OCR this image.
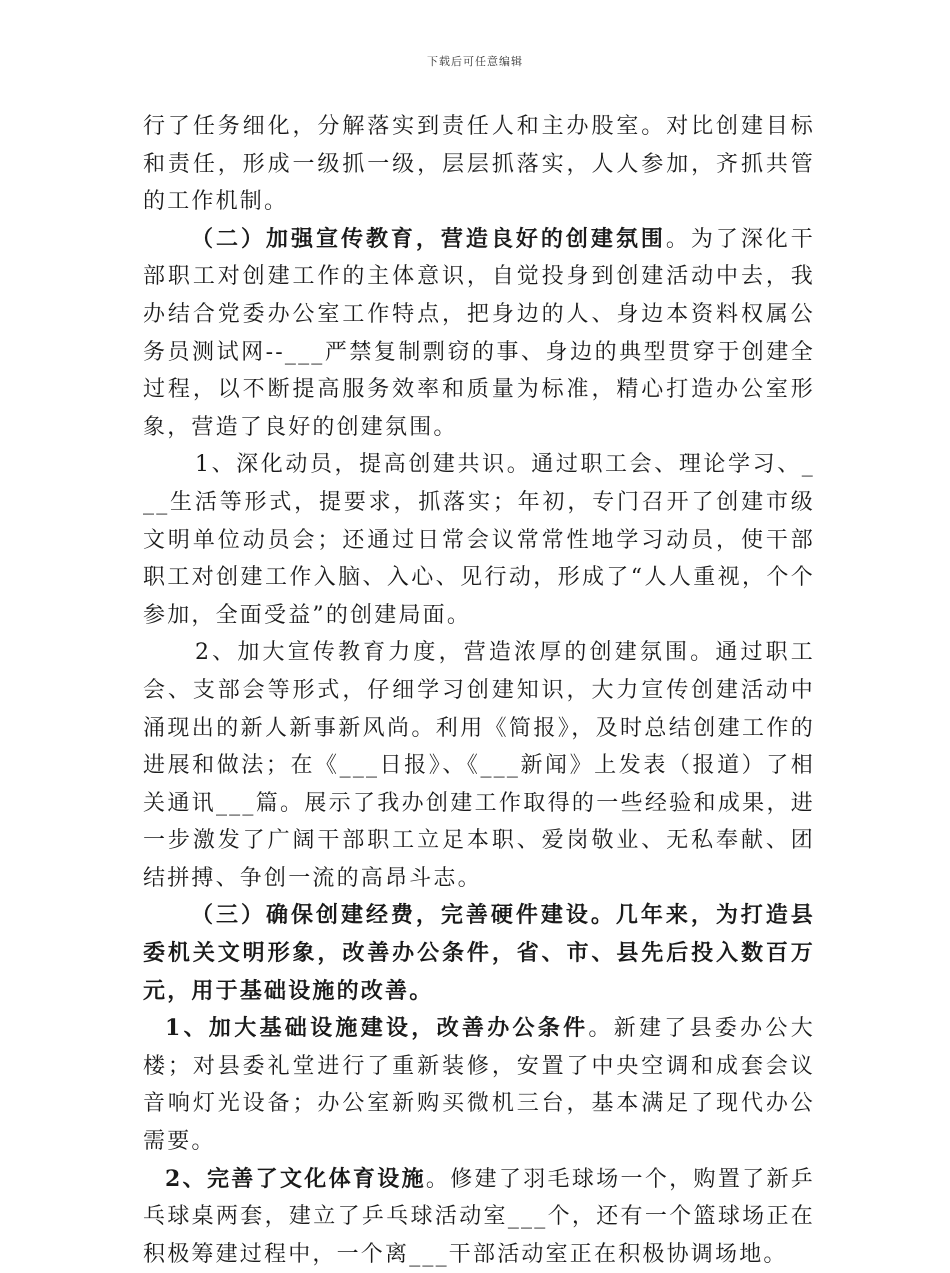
下载后可任意编辑

行了任务细化，分解落实到责任人和主办股室。对比创建目标和责任，形成一级抓一级，层层抓落实，人人参加，齐抓共管的工作机制。

（二）加强宣传教育，营造良好的创建氛围。为了深化干部职工对创建工作的主体意识，自觉投身到创建活动中去，我办结合党委办公室工作特点，把身边的人、身边本资料权属公务员测试网--___严禁复制剽窃的事、身边的典型贯穿于创建全过程，以不断提高服务效率和质量为标准，精心打造办公室形象，营造了良好的创建氛围。

1、深化动员，提高创建共识。通过职工会、理论学习、___生活等形式，提要求，抓落实；年初，专门召开了创建市级文明单位动员会；还通过日常会议常常性地学习动员，使干部职工对创建工作入脑、入心、见行动，形成了“人人重视，个个参加，全面受益”的创建局面。

2、加大宣传教育力度，营造浓厚的创建氛围。通过职工会、支部会等形式，仔细学习创建知识，大力宣传创建活动中涌现出的新人新事新风尚。利用《简报》，及时总结创建工作的进展和做法；在《___日报》、《___新闻》上发表（报道）了相关通讯___篇。展示了我办创建工作取得的一些经验和成果，进一步激发了广阔干部职工立足本职、爱岗敬业、无私奉献、团结拼搏、争创一流的高昂斗志。

（三）确保创建经费，完善硬件建设。几年来，为打造县委机关文明形象，改善办公条件，省、市、县先后投入数百万元，用于基础设施的改善。

1、加大基础设施建设，改善办公条件。新建了县委办公大楼；对县委礼堂进行了重新装修，安置了中央空调和成套会议音响灯光设备；办公室新购买微机三台，基本满足了现代办公需要。

2、完善了文化体育设施。修建了羽毛球场一个，购置了新乒乓球桌两套，建立了乒乓球活动室___个，还有一个篮球场正在积极筹建过程中，一个离___干部活动室正在积极协调场地。
